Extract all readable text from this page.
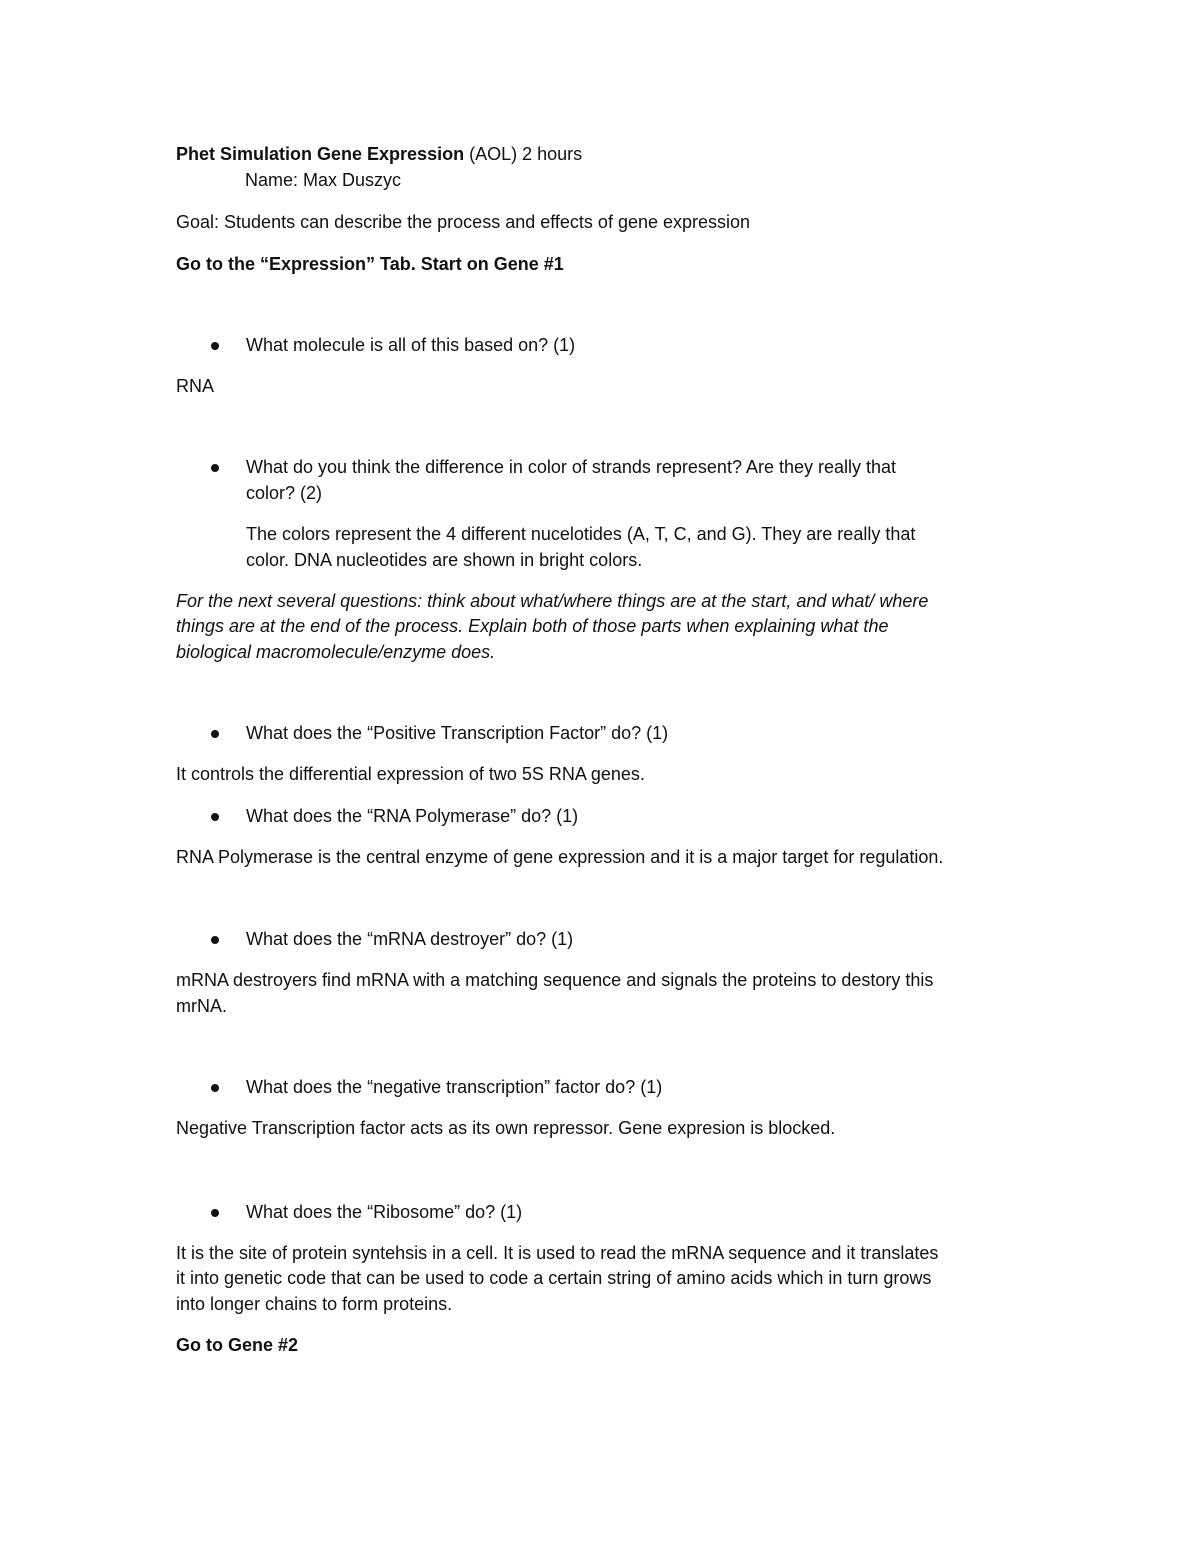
Phet Simulation Gene Expression (AOL) 2 hours
Name: Max Duszyc
Goal: Students can describe the process and effects of gene expression
Go to the “Expression” Tab. Start on Gene #1
What molecule is all of this based on? (1)
RNA
What do you think the difference in color of strands represent? Are they really that
color? (2)
The colors represent the 4 different nucelotides (A, T, C, and G). They are really that
color. DNA nucleotides are shown in bright colors.
For the next several questions: think about what/where things are at the start, and what/ where
things are at the end of the process. Explain both of those parts when explaining what the
biological macromolecule/enzyme does.
What does the “Positive Transcription Factor” do? (1)
It controls the differential expression of two 5S RNA genes.
What does the “RNA Polymerase” do? (1)
RNA Polymerase is the central enzyme of gene expression and it is a major target for regulation.
What does the “mRNA destroyer” do? (1)
mRNA destroyers find mRNA with a matching sequence and signals the proteins to destory this
mrNA.
What does the “negative transcription” factor do? (1)
Negative Transcription factor acts as its own repressor. Gene expresion is blocked.
What does the “Ribosome” do? (1)
It is the site of protein syntehsis in a cell. It is used to read the mRNA sequence and it translates
it into genetic code that can be used to code a certain string of amino acids which in turn grows
into longer chains to form proteins.
Go to Gene #2
